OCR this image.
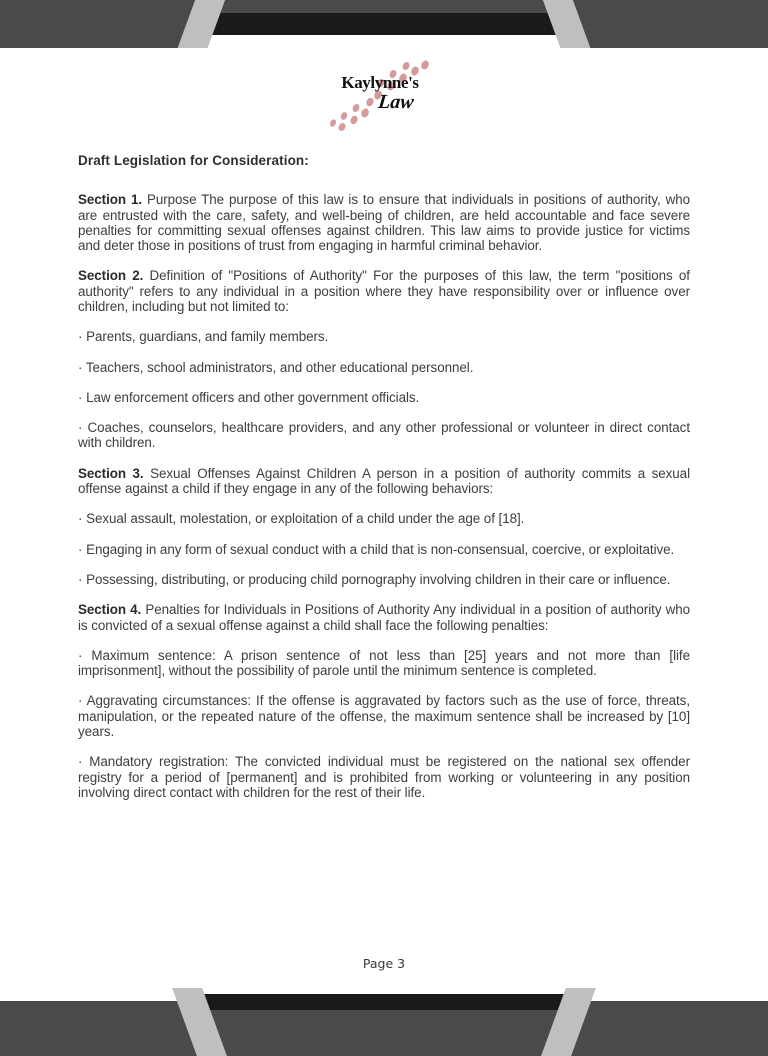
Kaylynne's
Law
Draft Legislation for Consideration:

Section 1. Purpose The purpose of this law is to ensure that individuals in positions of authority, who are entrusted with the care, safety, and well-being of children, are held accountable and face severe penalties for committing sexual offenses against children. This law aims to provide justice for victims and deter those in positions of trust from engaging in harmful criminal behavior.

Section 2. Definition of "Positions of Authority" For the purposes of this law, the term "positions of authority" refers to any individual in a position where they have responsibility over or influence over children, including but not limited to:

· Parents, guardians, and family members.

· Teachers, school administrators, and other educational personnel.

· Law enforcement officers and other government officials.

· Coaches, counselors, healthcare providers, and any other professional or volunteer in direct contact with children.

Section 3. Sexual Offenses Against Children A person in a position of authority commits a sexual offense against a child if they engage in any of the following behaviors:

· Sexual assault, molestation, or exploitation of a child under the age of [18].

· Engaging in any form of sexual conduct with a child that is non-consensual, coercive, or exploitative.

· Possessing, distributing, or producing child pornography involving children in their care or influence.

Section 4. Penalties for Individuals in Positions of Authority Any individual in a position of authority who is convicted of a sexual offense against a child shall face the following penalties:

· Maximum sentence: A prison sentence of not less than [25] years and not more than [life imprisonment], without the possibility of parole until the minimum sentence is completed.

· Aggravating circumstances: If the offense is aggravated by factors such as the use of force, threats, manipulation, or the repeated nature of the offense, the maximum sentence shall be increased by [10] years.

· Mandatory registration: The convicted individual must be registered on the national sex offender registry for a period of [permanent] and is prohibited from working or volunteering in any position involving direct contact with children for the rest of their life.

Page 3
